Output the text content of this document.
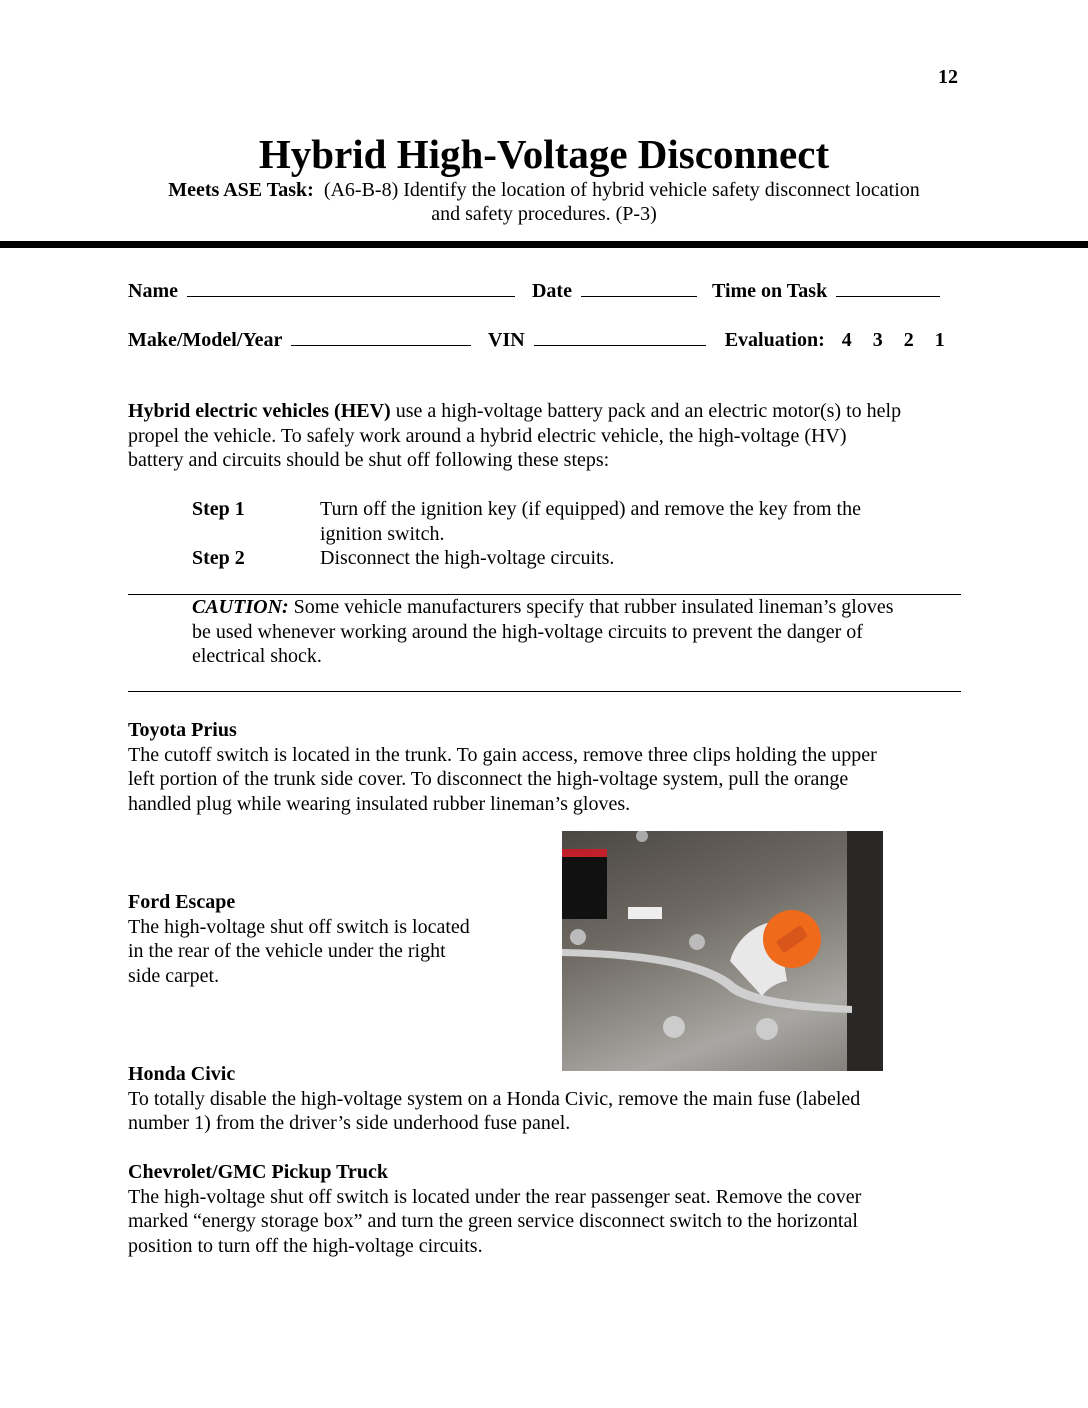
12
Hybrid High-Voltage Disconnect
Meets ASE Task: (A6-B-8) Identify the location of hybrid vehicle safety disconnect location
and safety procedures. (P-3)
Name	Date	Time on Task
Make/Model/Year	VIN	Evaluation: 4 3 2 1
Hybrid electric vehicles (HEV) use a high-voltage battery pack and an electric motor(s) to help
propel the vehicle. To safely work around a hybrid electric vehicle, the high-voltage (HV)
battery and circuits should be shut off following these steps:
Step 1	Turn off the ignition key (if equipped) and remove the key from the
ignition switch.
Step 2	Disconnect the high-voltage circuits.
CAUTION: Some vehicle manufacturers specify that rubber insulated lineman’s gloves
be used whenever working around the high-voltage circuits to prevent the danger of
electrical shock.
Toyota Prius
The cutoff switch is located in the trunk. To gain access, remove three clips holding the upper
left portion of the trunk side cover. To disconnect the high-voltage system, pull the orange
handled plug while wearing insulated rubber lineman’s gloves.
Ford Escape
The high-voltage shut off switch is located
in the rear of the vehicle under the right
side carpet.
Honda Civic
To totally disable the high-voltage system on a Honda Civic, remove the main fuse (labeled
number 1) from the driver’s side underhood fuse panel.
Chevrolet/GMC Pickup Truck
The high-voltage shut off switch is located under the rear passenger seat. Remove the cover
marked “energy storage box” and turn the green service disconnect switch to the horizontal
position to turn off the high-voltage circuits.
